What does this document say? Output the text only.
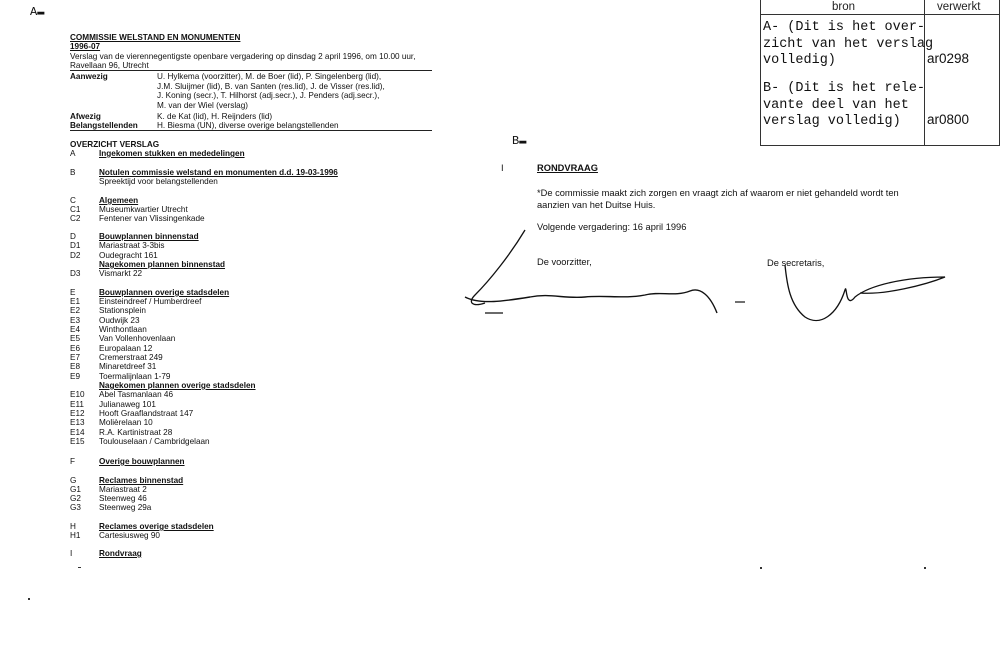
A▬
COMMISSIE WELSTAND EN MONUMENTEN
1996-07
Verslag van de vierennegentigste openbare vergadering op dinsdag 2 april 1996, om 10.00 uur,
Ravellaan 96, Utrecht
Aanwezig	U. Hylkema (voorzitter), M. de Boer (lid), P. Singelenberg (lid),
J.M. Sluijmer (lid), B. van Santen (res.lid), J. de Visser (res.lid),
J. Koning (secr.), T. Hilhorst (adj.secr.), J. Penders (adj.secr.),
M. van der Wiel (verslag)
Afwezig	K. de Kat (lid), H. Reijnders (lid)
Belangstellenden H. Biesma (UN), diverse overige belangstellenden
OVERZICHT VERSLAG
A	Ingekomen stukken en mededelingen
B	Notulen commissie welstand en monumenten d.d. 19-03-1996
Spreektijd voor belangstellenden
C	Algemeen
C1 Museumkwartier Utrecht
C2 Fentener van Vlissingenkade
D	Bouwplannen binnenstad
D1 Mariastraat 3-3bis
D2 Oudegracht 161
Nagekomen plannen binnenstad
D3 Vismarkt 22
E	Bouwplannen overige stadsdelen
E1 Einsteindreef / Humberdreef
E2 Stationsplein
E3 Oudwijk 23
E4 Winthontlaan
E5 Van Vollenhovenlaan
E6 Europalaan 12
E7 Cremerstraat 249
E8 Minaretdreef 31
E9 Toermalijnlaan 1-79
Nagekomen plannen overige stadsdelen
E10 Abel Tasmanlaan 46
E11 Julianaweg 101
E12 Hooft Graaflandstraat 147
E13 Molièrelaan 10
E14 R.A. Kartinistraat 28
E15 Toulouselaan / Cambridgelaan
F	Overige bouwplannen
G	Reclames binnenstad
G1 Mariastraat 2
G2 Steenweg 46
G3 Steenweg 29a
H	Reclames overige stadsdelen
H1 Cartesiusweg 90
I	Rondvraag
bron	verwerkt
A- (Dit is het over-
zicht van het verslag
volledig)	ar0298
B- (Dit is het rele-
vante deel van het
verslag volledig)	ar0800
B▬
I	RONDVRAAG
*De commissie maakt zich zorgen en vraagt zich af waarom er niet gehandeld wordt ten
aanzien van het Duitse Huis.
Volgende vergadering: 16 april 1996
De voorzitter,	De secretaris,
